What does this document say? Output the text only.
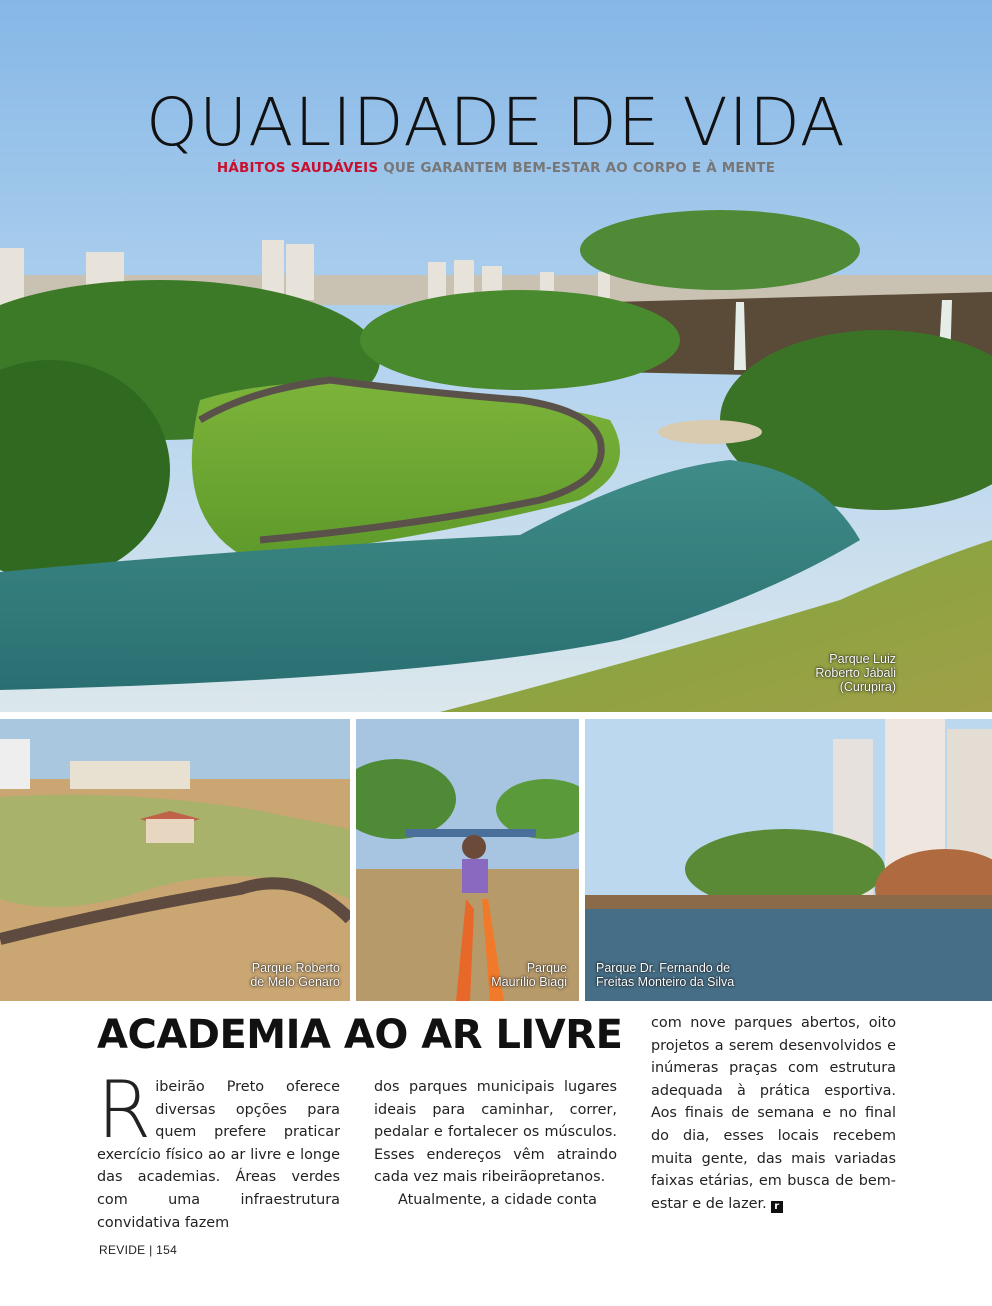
QUALIDADE DE VIDA
HÁBITOS SAUDÁVEIS QUE GARANTEM BEM-ESTAR AO CORPO E À MENTE
Parque Luiz
Roberto Jábali
(Curupira)
Parque Roberto
de Melo Genaro
Parque
Maurílio Biagi
Parque Dr. Fernando de
Freitas Monteiro da Silva
ACADEMIA AO AR LIVRE
R ibeirão Preto oferece diversas opções para quem prefere praticar exercício físico ao ar livre e longe das academias. Áreas verdes com uma infraestrutura convidativa fazem

dos parques municipais lugares ideais para caminhar, correr, pedalar e fortalecer os músculos. Esses endereços vêm atraindo cada vez mais ribeirãopretanos.

Atualmente, a cidade conta

com nove parques abertos, oito projetos a serem desenvolvidos e inúmeras praças com estrutura adequada à prática esportiva. Aos finais de semana e no final do dia, esses locais recebem muita gente, das mais variadas faixas etárias, em busca de bem-estar e de lazer. r

REVIDE | 154
